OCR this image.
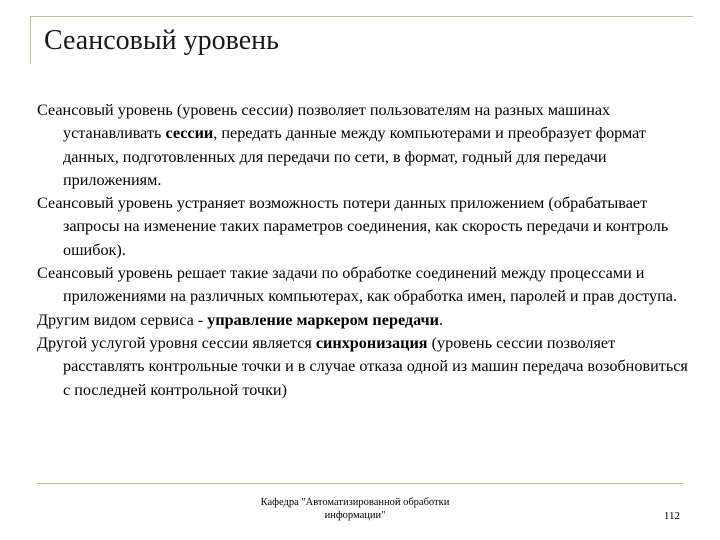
Сеансовый уровень

Сеансовый уровень (уровень сессии) позволяет пользователям на разных машинах устанавливать сессии, передать данные между компьютерами и преобразует формат данных, подготовленных для передачи по сети, в формат, годный для передачи приложениям.

Сеансовый уровень устраняет возможность потери данных приложением (обрабатывает запросы на изменение таких параметров соединения, как скорость передачи и контроль ошибок).

Сеансовый уровень решает такие задачи по обработке соединений между процессами и приложениями на различных компьютерах, как обработка имен, паролей и прав доступа.

Другим видом сервиса - управление маркером передачи.

Другой услугой уровня сессии является синхронизация (уровень сессии позволяет расставлять контрольные точки и в случае отказа одной из машин передача возобновиться с последней контрольной точки)

Кафедра "Автоматизированной обработки
информации"	112
